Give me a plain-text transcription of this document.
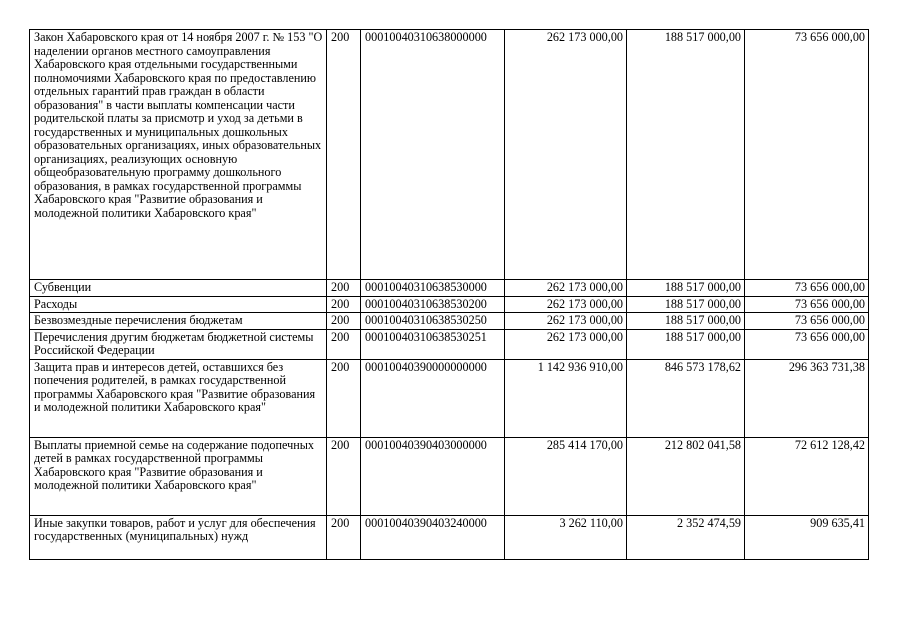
Закон Хабаровского края от 14 ноября 2007 г. № 153 "О наделении органов местного самоуправления Хабаровского края отдельными государственными полномочиями Хабаровского края по предоставлению отдельных гарантий прав граждан в области образования" в части выплаты компенсации части родительской платы за присмотр и уход за детьми в государственных и муниципальных дошкольных образовательных организациях, иных образовательных организациях, реализующих основную общеобразовательную программу дошкольного образования, в рамках государственной программы Хабаровского края "Развитие образования и молодежной политики Хабаровского края"	200	00010040310638000000	262 173 000,00	188 517 000,00	73 656 000,00
Субвенции	200	00010040310638530000	262 173 000,00	188 517 000,00	73 656 000,00
Расходы	200	00010040310638530200	262 173 000,00	188 517 000,00	73 656 000,00
Безвозмездные перечисления бюджетам	200	00010040310638530250	262 173 000,00	188 517 000,00	73 656 000,00
Перечисления другим бюджетам бюджетной системы Российской Федерации	200	00010040310638530251	262 173 000,00	188 517 000,00	73 656 000,00
Защита прав и интересов детей, оставшихся без попечения родителей, в рамках государственной программы Хабаровского края "Развитие образования и молодежной политики Хабаровского края"	200	00010040390000000000	1 142 936 910,00	846 573 178,62	296 363 731,38
Выплаты приемной семье на содержание подопечных детей в рамках государственной программы Хабаровского края "Развитие образования и молодежной политики Хабаровского края"	200	00010040390403000000	285 414 170,00	212 802 041,58	72 612 128,42
Иные закупки товаров, работ и услуг для обеспечения государственных (муниципальных) нужд	200	00010040390403240000	3 262 110,00	2 352 474,59	909 635,41
